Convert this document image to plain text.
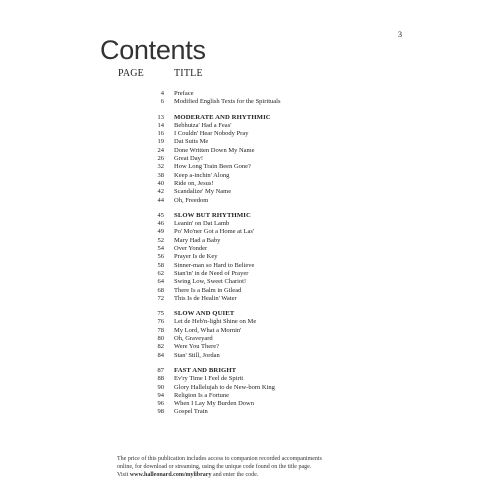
3
Contents
PAGE	TITLE
4 Preface
6 Modified English Texts for the Spirituals
13 MODERATE AND RHYTHMIC
14 Bebhutza' Had a Feas'
16 I Couldn' Hear Nobody Pray
19 Dat Suits Me
24 Done Written Down My Name
26 Great Day!
32 How Long Train Been Gone?
38 Keep a-inchin' Along
40 Ride on, Jesus!
42 Scandalize' My Name
44 Oh, Freedom
45 SLOW BUT RHYTHMIC
46 Leanin' on Dat Lamb
49 Po' Mo'ner Got a Home at Las'
52 Mary Had a Baby
54 Over Yonder
56 Prayer Is de Key
58 Sinner-man so Hard to Believe
62 Stan'in' in de Need of Prayer
64 Swing Low, Sweet Chariot!
68 There Is a Balm in Gilead
72 This Is de Healin' Water
75 SLOW AND QUIET
76 Let de Heb'n-light Shine on Me
78 My Lord, What a Mornin'
80 Oh, Graveyard
82 Were You There?
84 Stan' Still, Jordan
87 FAST AND BRIGHT
88 Ev'ry Time I Feel de Spirit
90 Glory Hallelujah to de New-born King
94 Religion Is a Fortune
96 When I Lay My Burden Down
98 Gospel Train
The price of this publication includes access to companion recorded accompaniments
online, for download or streaming, using the unique code found on the title page.
Visit www.halleonard.com/mylibrary and enter the code.
